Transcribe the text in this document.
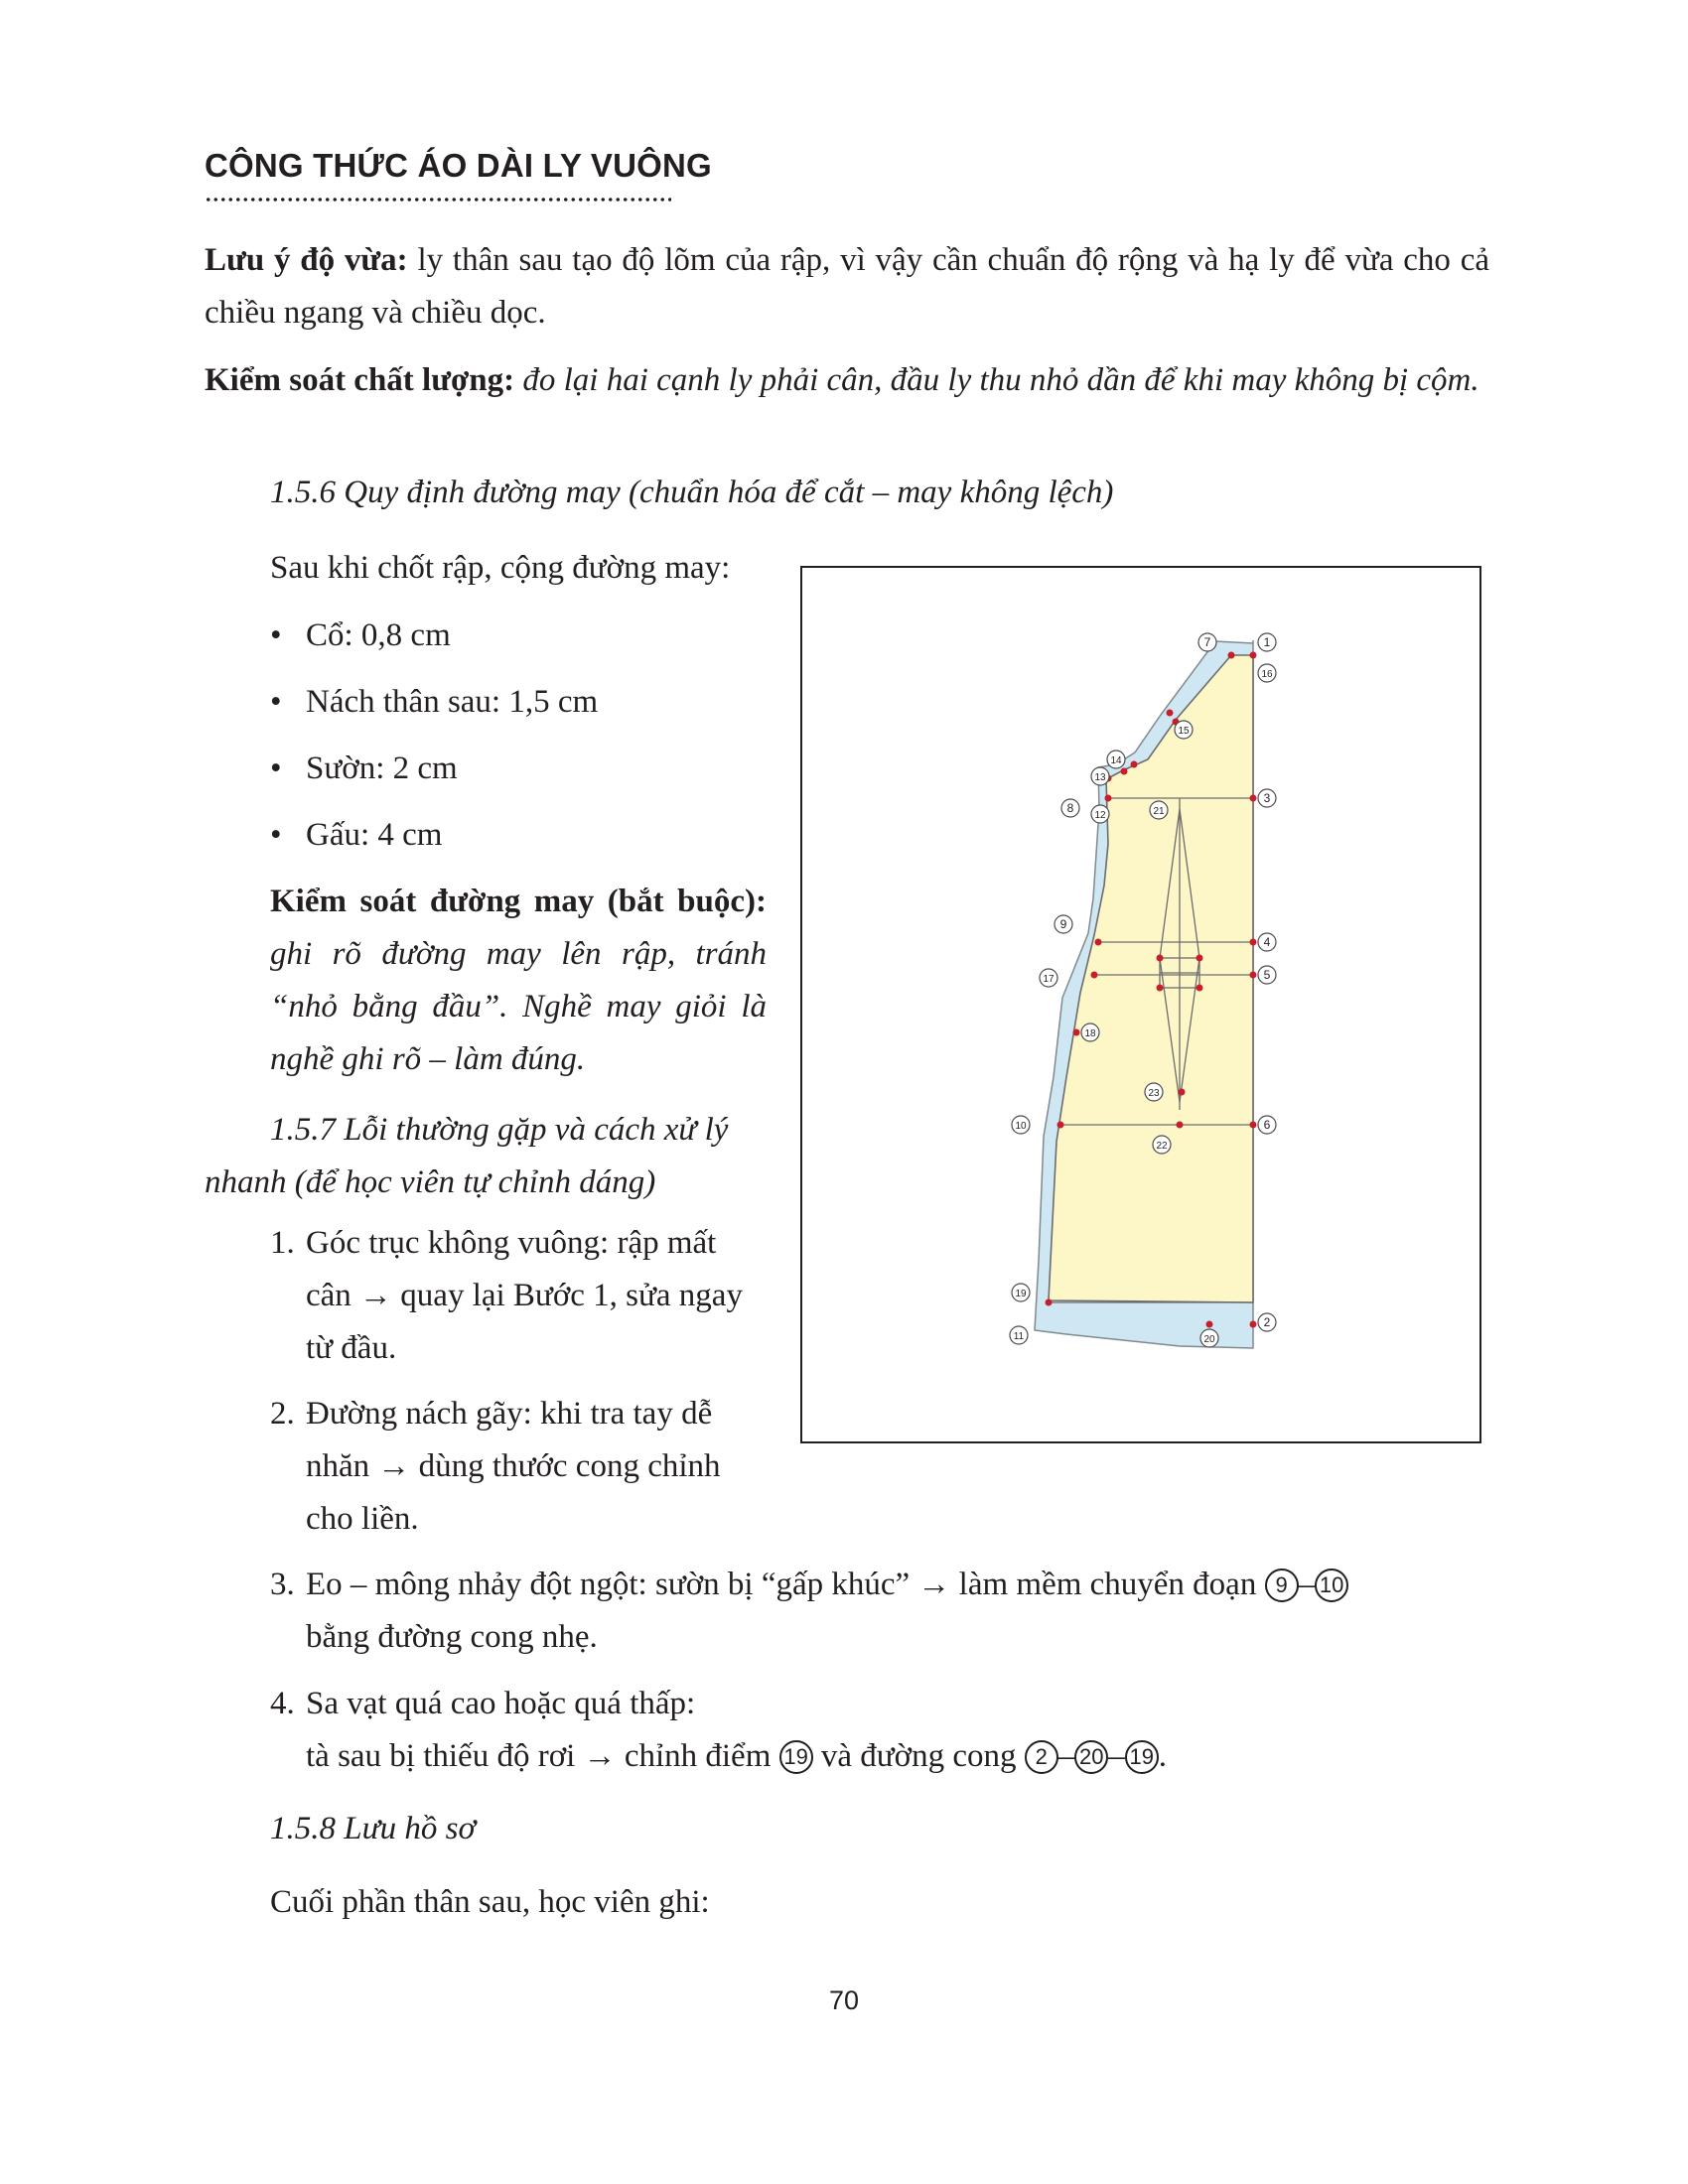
CÔNG THỨC ÁO DÀI LY VUÔNG
Lưu ý độ vừa: ly thân sau tạo độ lõm của rập, vì vậy cần chuẩn độ rộng và hạ ly để vừa cho cả chiều ngang và chiều dọc.
Kiểm soát chất lượng: đo lại hai cạnh ly phải cân, đầu ly thu nhỏ dần để khi may không bị cộm.
1.5.6 Quy định đường may (chuẩn hóa để cắt – may không lệch)
Sau khi chốt rập, cộng đường may:
• Cổ: 0,8 cm
• Nách thân sau: 1,5 cm
• Sườn: 2 cm
• Gấu: 4 cm
Kiểm soát đường may (bắt buộc): ghi rõ đường may lên rập, tránh “nhỏ bằng đầu”. Nghề may giỏi là nghề ghi rõ – làm đúng.
1.5.7 Lỗi thường gặp và cách xử lý nhanh (để học viên tự chỉnh dáng)
1. Góc trục không vuông: rập mất cân → quay lại Bước 1, sửa ngay từ đầu.
2. Đường nách gãy: khi tra tay dễ nhăn → dùng thước cong chỉnh cho liền.
3. Eo – mông nhảy đột ngột: sườn bị “gấp khúc” → làm mềm chuyển đoạn 9 – 10
bằng đường cong nhẹ.
4. Sa vạt quá cao hoặc quá thấp:
tà sau bị thiếu độ rơi → chỉnh điểm 19 và đường cong 2 – 20 – 19 .
1.5.8 Lưu hồ sơ
Cuối phần thân sau, học viên ghi:
70
1
2
3
4
5
6
7
8
9
10
11
12
13
14
15
16
17
18
19
20
21
22
23
